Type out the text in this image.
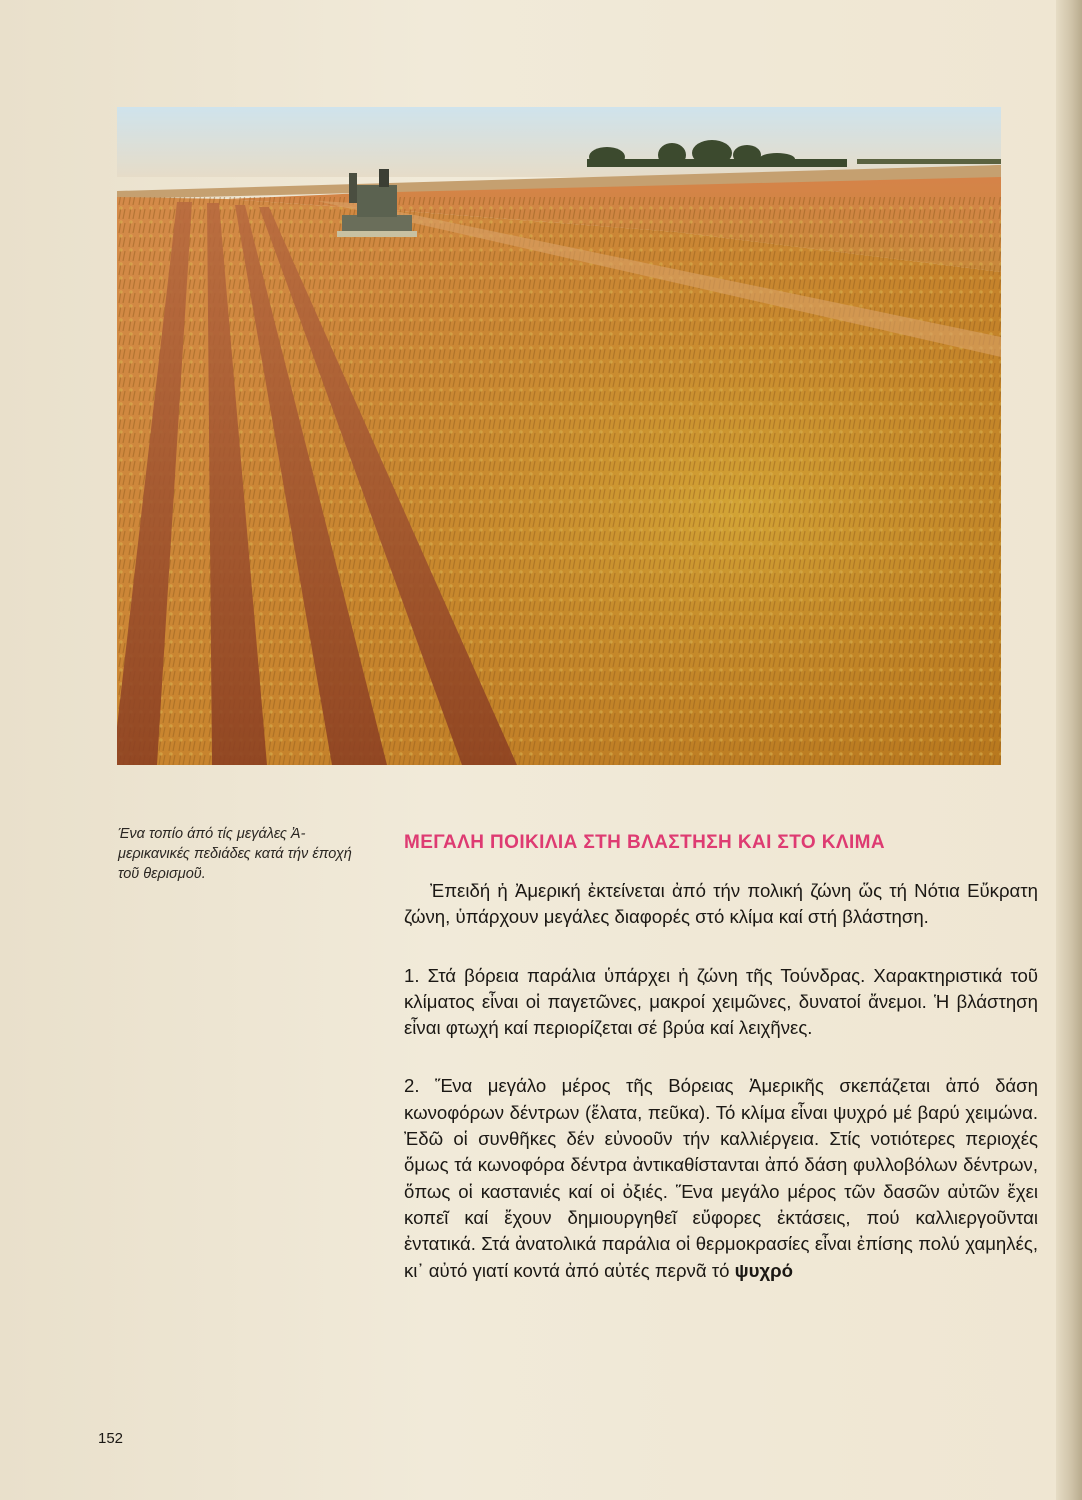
Ένα τοπίο άπό τίς μεγάλες Ἀ-μερικανικές πεδιάδες κατά τήν έποχή τοῦ θερισμοῦ.

ΜΕΓΑΛΗ ΠΟΙΚΙΛΙΑ ΣΤΗ ΒΛΑΣΤΗΣΗ ΚΑΙ ΣΤΟ ΚΛΙΜΑ

Ἐπειδή ἡ Ἀμερική ἐκτείνεται ἀπό τήν πολική ζώνη ὥς τή Νότια Εὔκρατη ζώνη, ὑπάρχουν μεγάλες διαφορές στό κλίμα καί στή βλάστηση.

1. Στά βόρεια παράλια ὑπάρχει ἡ ζώνη τῆς Τούνδρας. Χαρακτηριστικά τοῦ κλίματος εἶναι οἱ παγετῶνες, μακροί χειμῶνες, δυνατοί ἄνεμοι. Ἡ βλάστηση εἶναι φτωχή καί περιορίζεται σέ βρύα καί λειχῆνες.

2. Ἕνα μεγάλο μέρος τῆς Βόρειας Ἀμερικῆς σκεπάζεται ἀπό δάση κωνοφόρων δέντρων (ἔλατα, πεῦκα). Τό κλίμα εἶναι ψυχρό μέ βαρύ χειμώνα. Ἐδῶ οἱ συνθῆκες δέν εὐνοοῦν τήν καλλιέργεια. Στίς νοτιότερες περιοχές ὅμως τά κωνοφόρα δέντρα ἀντικαθίστανται ἀπό δάση φυλλοβόλων δέντρων, ὅπως οἱ καστανιές καί οἱ ὀξιές. Ἕνα μεγάλο μέρος τῶν δασῶν αὐτῶν ἔχει κοπεῖ καί ἔχουν δημιουργηθεῖ εὔφορες ἐκτάσεις, πού καλλιεργοῦνται ἐντατικά. Στά ἀνατολικά παράλια οἱ θερμοκρασίες εἶναι ἐπίσης πολύ χαμηλές, κι᾽ αὐτό γιατί κοντά ἀπό αὐτές περνᾶ τό ψυχρό

152
